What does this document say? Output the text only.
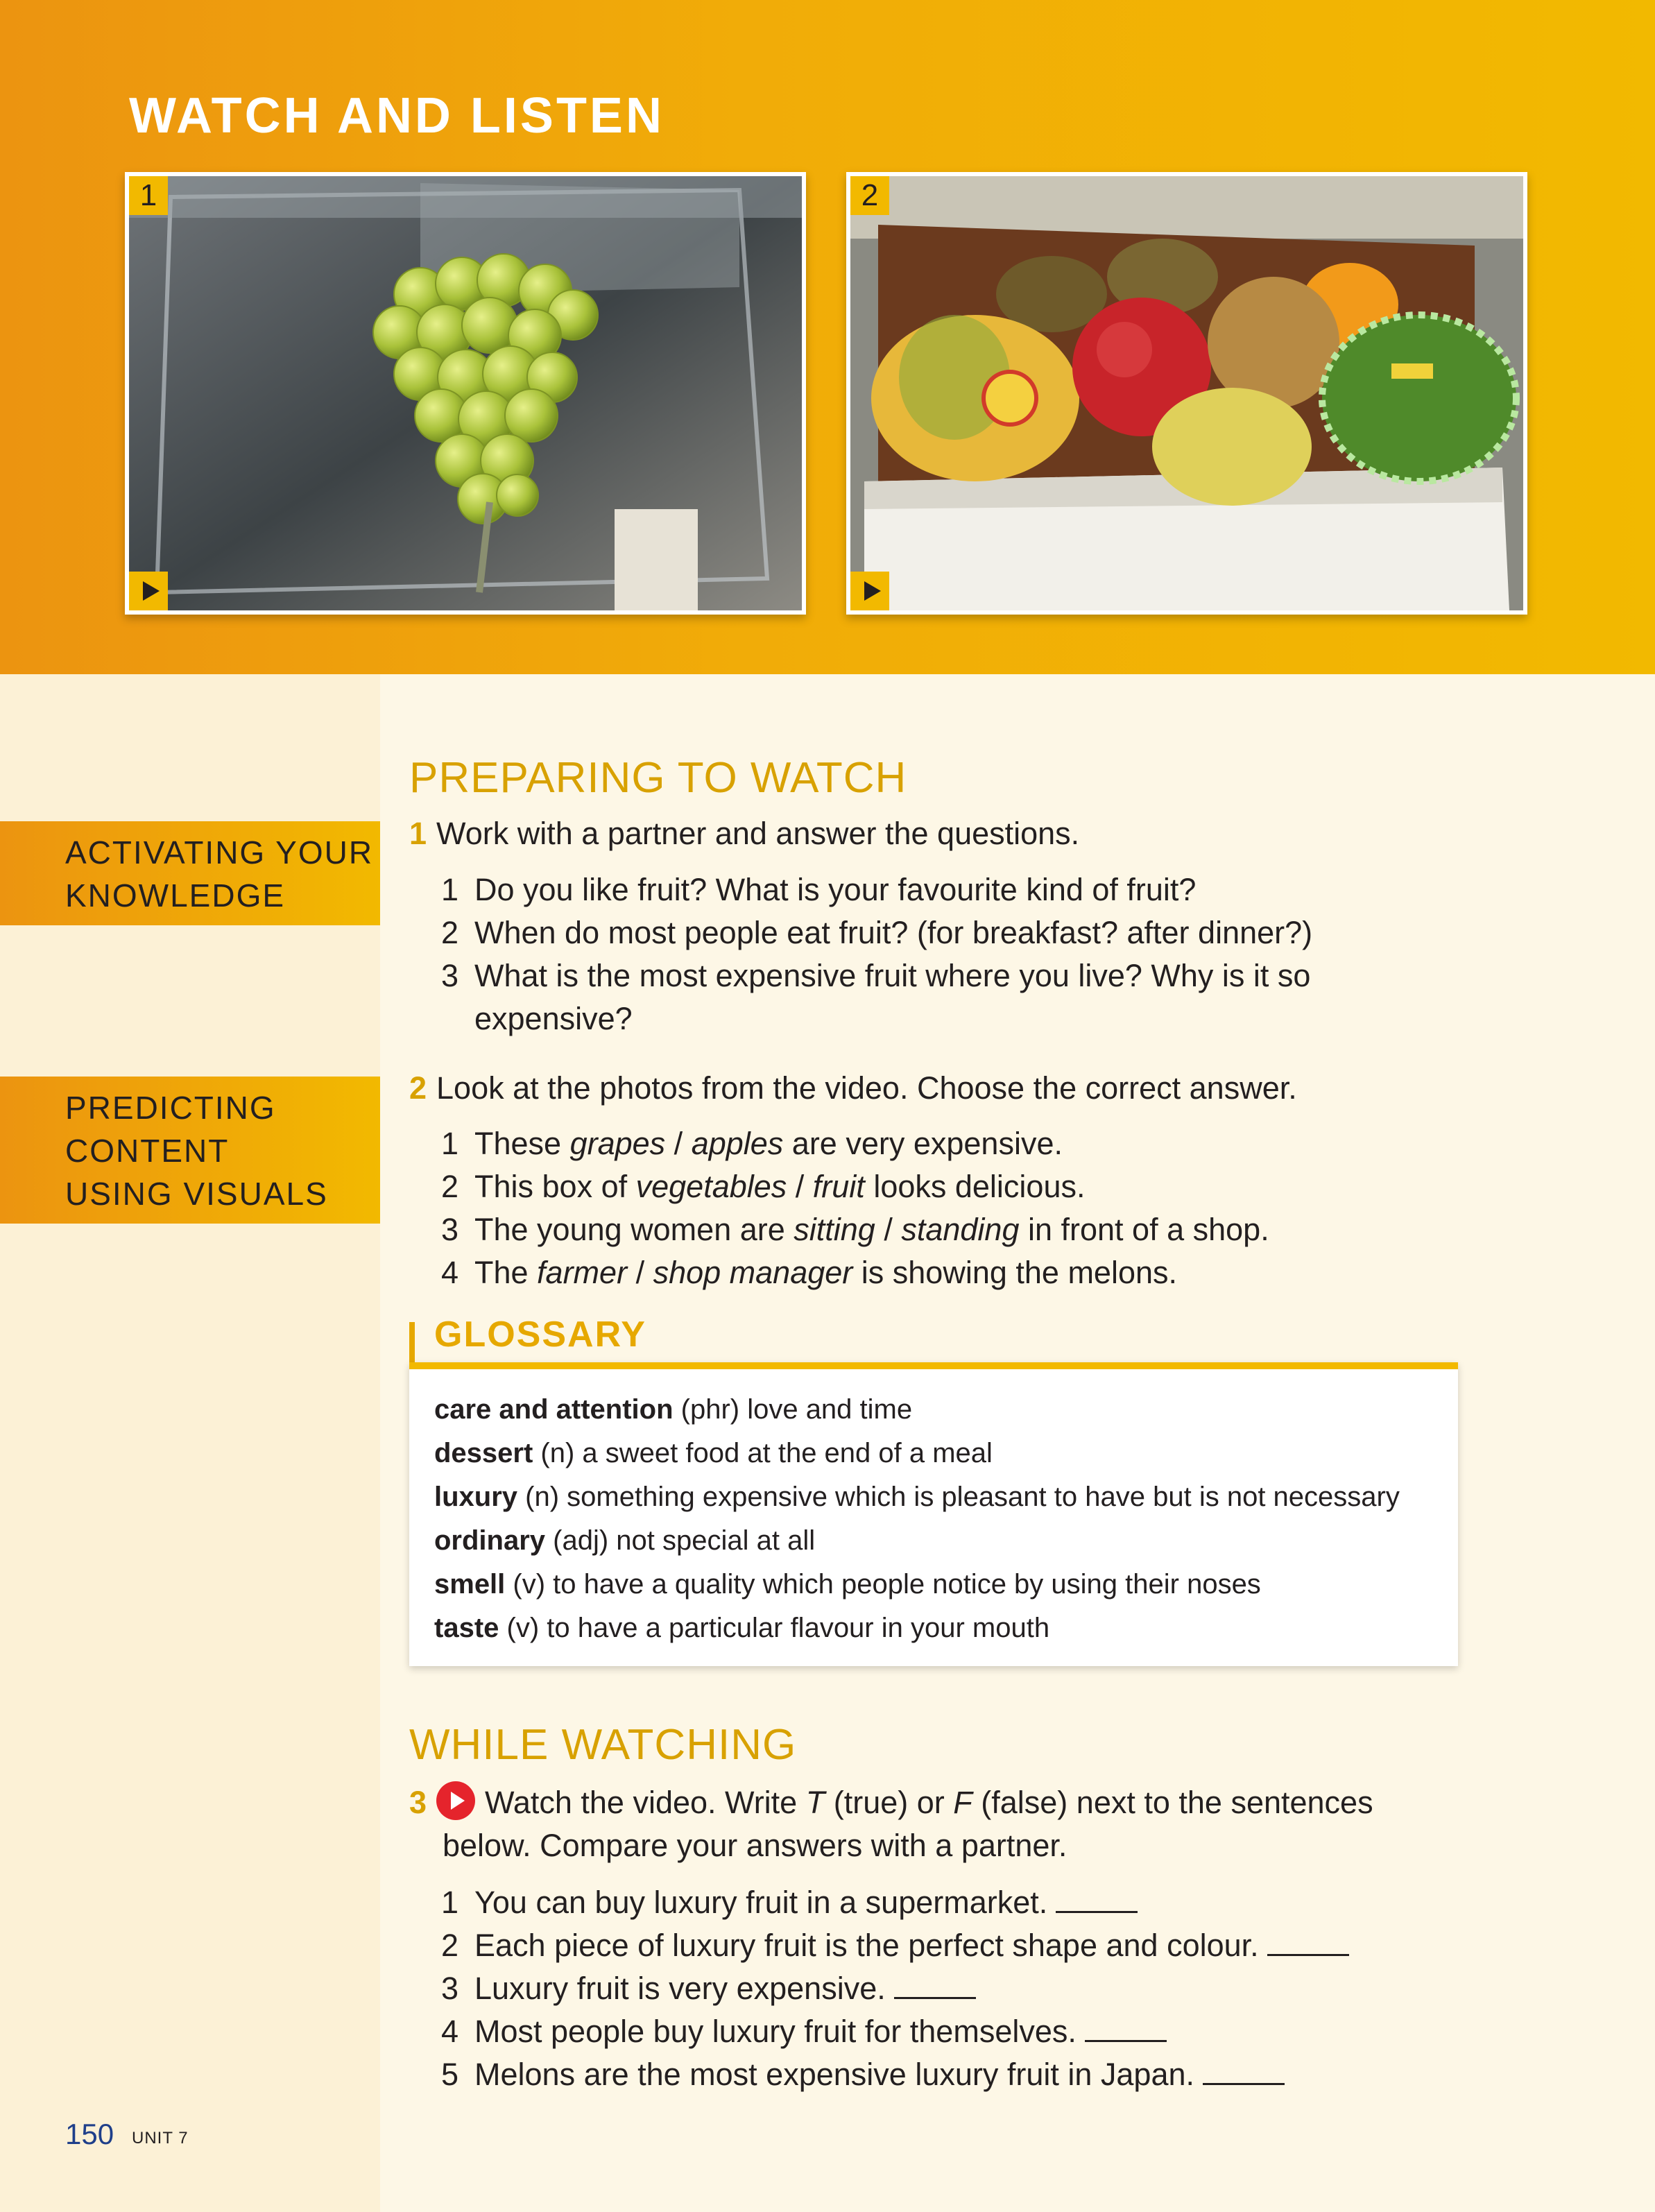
WATCH AND LISTEN
1	2
ACTIVATING YOUR
KNOWLEDGE
PREDICTING
CONTENT
USING VISUALS
PREPARING TO WATCH
1 Work with a partner and answer the questions.
1 Do you like fruit? What is your favourite kind of fruit?
2 When do most people eat fruit? (for breakfast? after dinner?)
3 What is the most expensive fruit where you live? Why is it so
expensive?
2 Look at the photos from the video. Choose the correct answer.
1 These grapes / apples are very expensive.
2 This box of vegetables / fruit looks delicious.
3 The young women are sitting / standing in front of a shop.
4 The farmer / shop manager is showing the melons.
GLOSSARY
care and attention (phr) love and time
dessert (n) a sweet food at the end of a meal
luxury (n) something expensive which is pleasant to have but is not necessary
ordinary (adj) not special at all
smell (v) to have a quality which people notice by using their noses
taste (v) to have a particular flavour in your mouth
WHILE WATCHING
3 Watch the video. Write T (true) or F (false) next to the sentences
below. Compare your answers with a partner.
1 You can buy luxury fruit in a supermarket.
2 Each piece of luxury fruit is the perfect shape and colour.
3 Luxury fruit is very expensive.
4 Most people buy luxury fruit for themselves.
5 Melons are the most expensive luxury fruit in Japan.
150 UNIT 7
